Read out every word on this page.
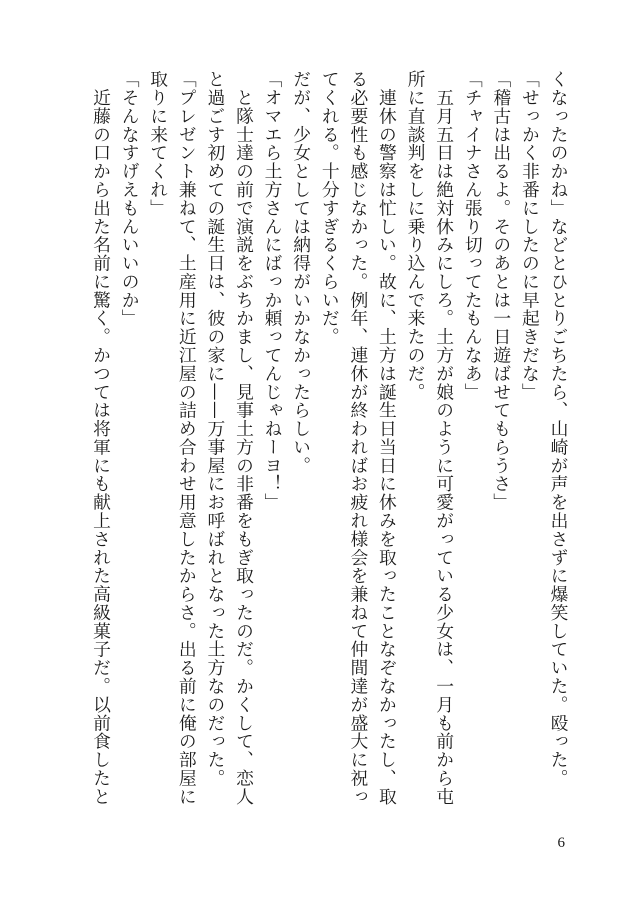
くなったのかね」などとひとりごちたら、山崎が声を出さずに爆笑していた。殴った。
「せっかく非番にしたのに早起きだな」
「稽古は出るよ。そのあとは一日遊ばせてもらうさ」
「チャイナさん張り切ってたもんなあ」
　五月五日は絶対休みにしろ。土方が娘のように可愛がっている少女は、一月も前から屯
所に直談判をしに乗り込んで来たのだ。
　連休の警察は忙しい。故に、土方は誕生日当日に休みを取ったことなぞなかったし、取
る必要性も感じなかった。例年、連休が終わればお疲れ様会を兼ねて仲間達が盛大に祝っ
てくれる。十分すぎるくらいだ。
だが、少女としては納得がいかなかったらしい。
「オマエら土方さんにばっか頼ってんじゃねーヨ！」
　と隊士達の前で演説をぶちかまし、見事土方の非番をもぎ取ったのだ。かくして、恋人
と過ごす初めての誕生日は、彼の家に——万事屋にお呼ばれとなった土方なのだった。
「プレゼント兼ねて、土産用に近江屋の詰め合わせ用意したからさ。出る前に俺の部屋に
取りに来てくれ」
「そんなすげえもんいいのか」
　近藤の口から出た名前に驚く。かつては将軍にも献上された高級菓子だ。以前食したと
6
